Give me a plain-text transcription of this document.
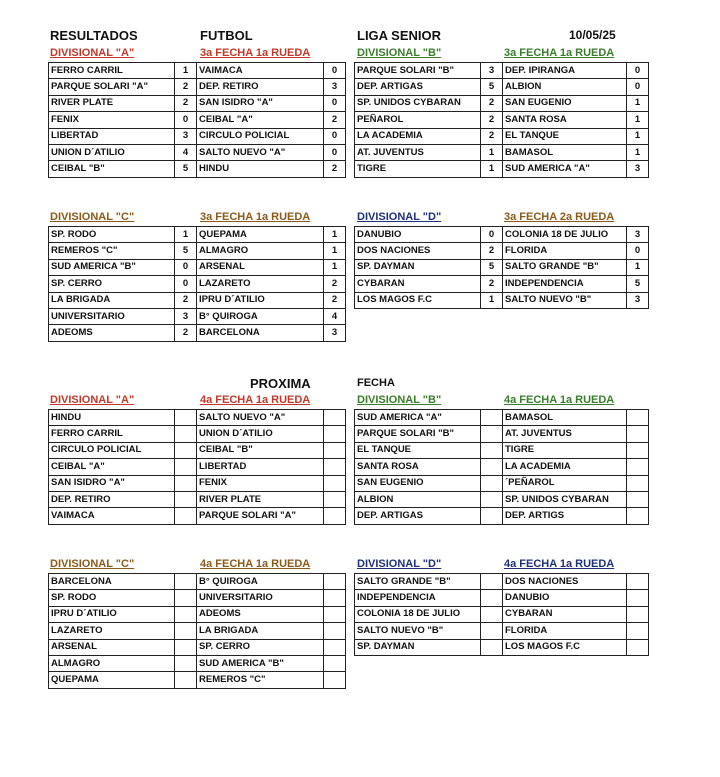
RESULTADOS	FUTBOL	LIGA SENIOR	10/05/25
DIVISIONAL "A"	3a FECHA 1a RUEDA
FERRO CARRIL	1	VAIMACA	0
PARQUE SOLARI "A"	2	DEP. RETIRO	3
RIVER PLATE	2	SAN ISIDRO "A"	0
FENIX	0	CEIBAL "A"	2
LIBERTAD	3	CIRCULO POLICIAL	0
UNION D´ATILIO	4	SALTO NUEVO "A"	0
CEIBAL "B"	5	HINDU	2
DIVISIONAL "B"	3a FECHA 1a RUEDA
PARQUE SOLARI "B"	3	DEP. IPIRANGA	0
DEP. ARTIGAS	5	ALBION	0
SP. UNIDOS CYBARAN	2	SAN EUGENIO	1
PEÑAROL	2	SANTA ROSA	1
LA ACADEMIA	2	EL TANQUE	1
AT. JUVENTUS	1	BAMASOL	1
TIGRE	1	SUD AMERICA "A"	3
DIVISIONAL "C"	3a FECHA 1a RUEDA
SP. RODO	1	QUEPAMA	1
REMEROS "C"	5	ALMAGRO	1
SUD AMERICA "B"	0	ARSENAL	1
SP. CERRO	0	LAZARETO	2
LA BRIGADA	2	IPRU D´ATILIO	2
UNIVERSITARIO	3	B° QUIROGA	4
ADEOMS	2	BARCELONA	3
DIVISIONAL "D"	3a FECHA 2a RUEDA
DANUBIO	0	COLONIA 18 DE JULIO	3
DOS NACIONES	2	FLORIDA	0
SP. DAYMAN	5	SALTO GRANDE "B"	1
CYBARAN	2	INDEPENDENCIA	5
LOS MAGOS F.C	1	SALTO NUEVO "B"	3
PROXIMA	FECHA
DIVISIONAL "A"	4a FECHA 1a RUEDA
HINDU		SALTO NUEVO "A"	
FERRO CARRIL		UNION D´ATILIO	
CIRCULO POLICIAL		CEIBAL "B"	
CEIBAL "A"		LIBERTAD	
SAN ISIDRO "A"		FENIX	
DEP. RETIRO		RIVER PLATE	
VAIMACA		PARQUE SOLARI "A"	
DIVISIONAL "B"	4a FECHA 1a RUEDA
SUD AMERICA "A"		BAMASOL	
PARQUE SOLARI "B"		AT. JUVENTUS	
EL TANQUE		TIGRE	
SANTA ROSA		LA ACADEMIA	
SAN EUGENIO		´PEÑAROL	
ALBION		SP. UNIDOS CYBARAN	
DEP. ARTIGAS		DEP. ARTIGS	
DIVISIONAL "C"	4a FECHA 1a RUEDA
BARCELONA		B° QUIROGA	
SP. RODO		UNIVERSITARIO	
IPRU D´ATILIO		ADEOMS	
LAZARETO		LA BRIGADA	
ARSENAL		SP. CERRO	
ALMAGRO		SUD AMERICA "B"	
QUEPAMA		REMEROS "C"	
DIVISIONAL "D"	4a FECHA 1a RUEDA
SALTO GRANDE "B"		DOS NACIONES	
INDEPENDENCIA		DANUBIO	
COLONIA 18 DE JULIO		CYBARAN	
SALTO NUEVO "B"		FLORIDA	
SP. DAYMAN		LOS MAGOS F.C	
